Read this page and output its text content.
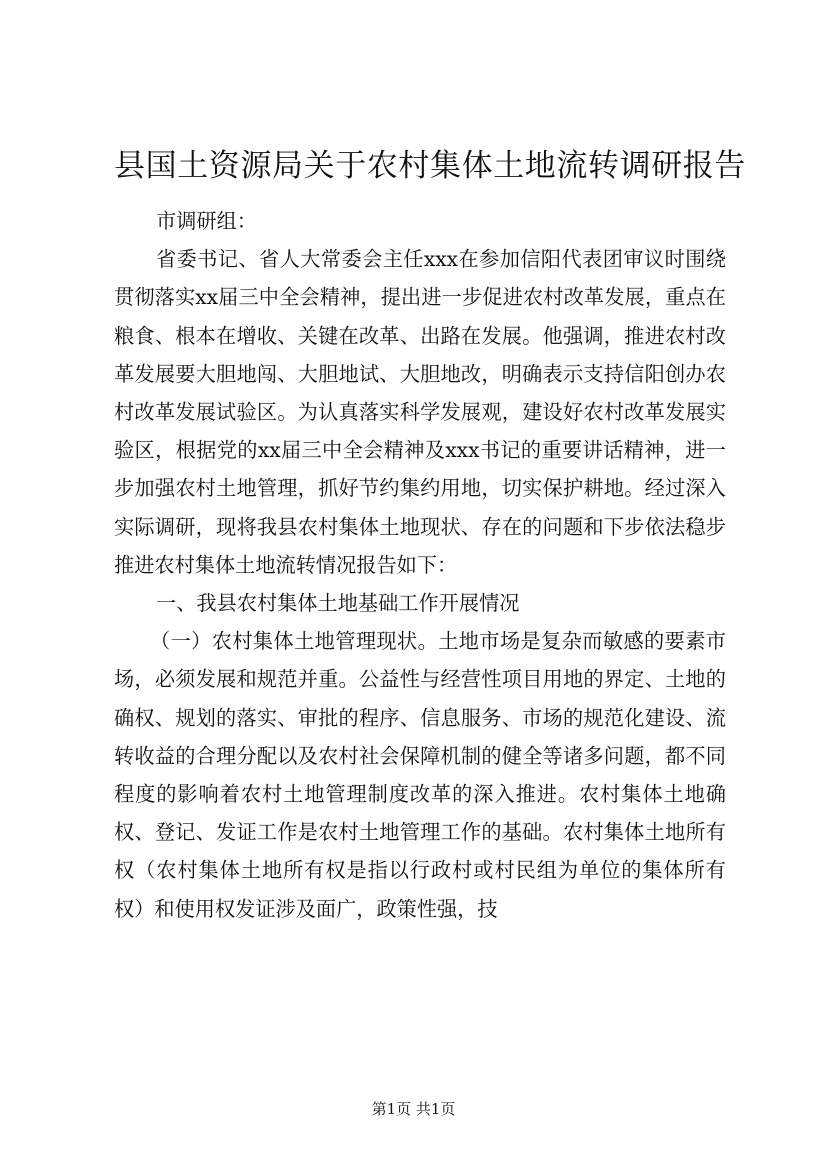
县国土资源局关于农村集体土地流转调研报告

市调研组：

省委书记、省人大常委会主任xxx在参加信阳代表团审议时围绕贯彻落实xx届三中全会精神，提出进一步促进农村改革发展，重点在粮食、根本在增收、关键在改革、出路在发展。他强调，推进农村改革发展要大胆地闯、大胆地试、大胆地改，明确表示支持信阳创办农村改革发展试验区。为认真落实科学发展观，建设好农村改革发展实验区，根据党的xx届三中全会精神及xxx书记的重要讲话精神，进一步加强农村土地管理，抓好节约集约用地，切实保护耕地。经过深入实际调研，现将我县农村集体土地现状、存在的问题和下步依法稳步推进农村集体土地流转情况报告如下：

一、我县农村集体土地基础工作开展情况

（一）农村集体土地管理现状。土地市场是复杂而敏感的要素市场，必须发展和规范并重。公益性与经营性项目用地的界定、土地的确权、规划的落实、审批的程序、信息服务、市场的规范化建设、流转收益的合理分配以及农村社会保障机制的健全等诸多问题，都不同程度的影响着农村土地管理制度改革的深入推进。农村集体土地确权、登记、发证工作是农村土地管理工作的基础。农村集体土地所有权（农村集体土地所有权是指以行政村或村民组为单位的集体所有权）和使用权发证涉及面广，政策性强，技

第1页 共1页
